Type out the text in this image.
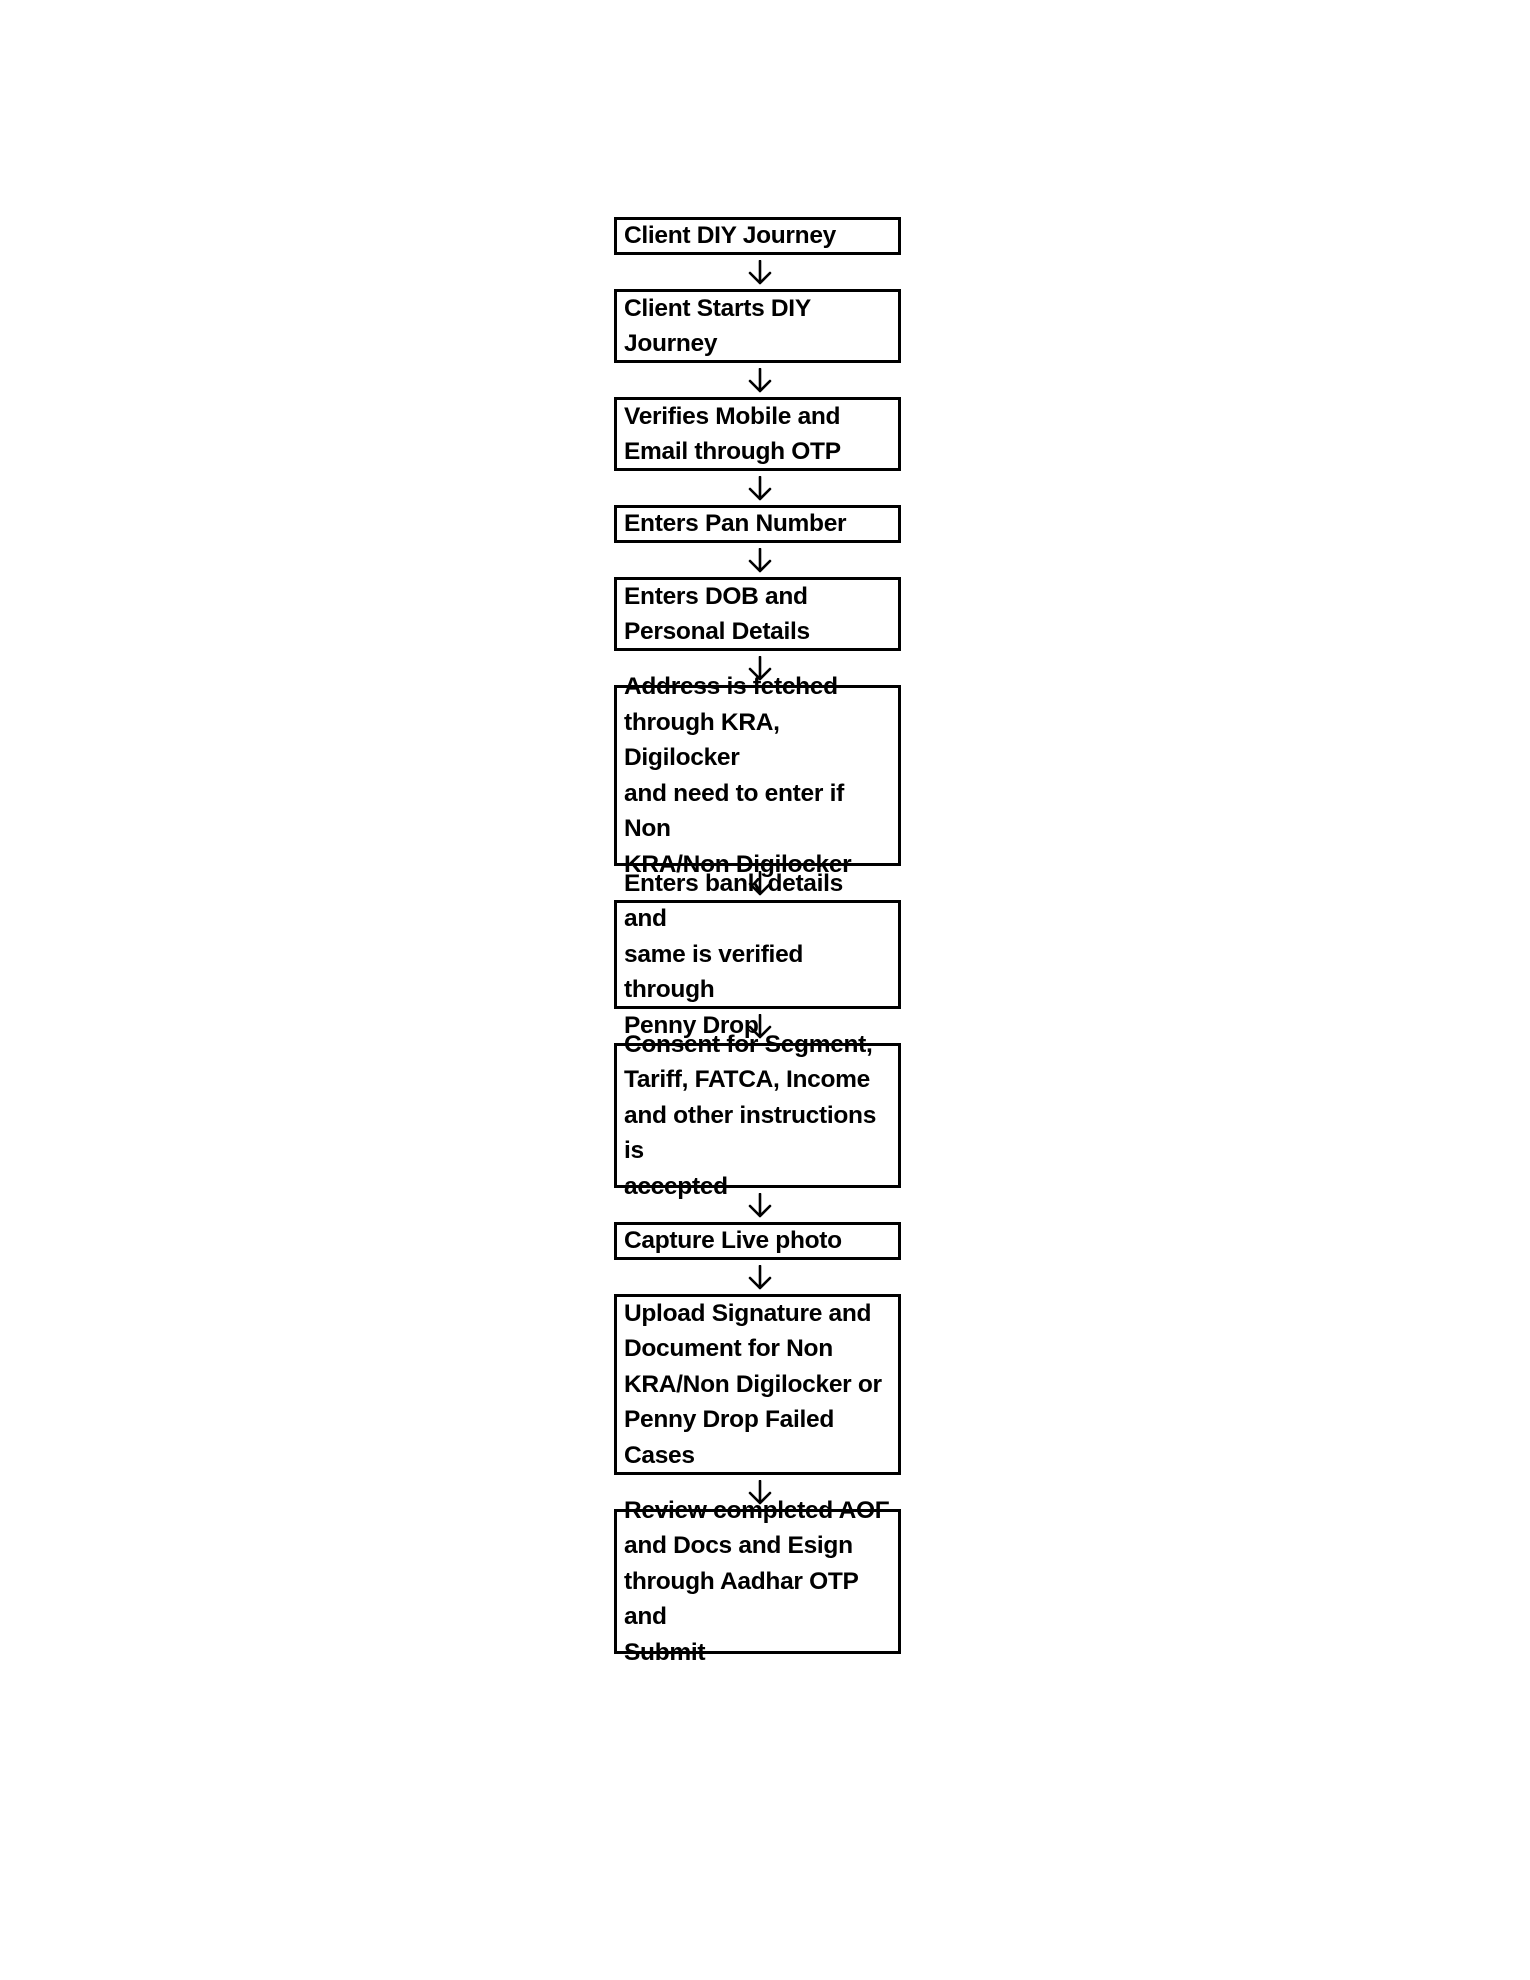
Client DIY Journey
Client Starts DIY Journey
Verifies Mobile and
Email through OTP
Enters Pan Number
Enters DOB and
Personal Details
Address is fetched
through KRA, Digilocker
and need to enter if Non
KRA/Non Digilocker
Enters bank details and
same is verified through
Penny Drop
Consent for Segment,
Tariff, FATCA, Income
and other instructions is
accepted
Capture Live photo
Upload Signature and
Document for Non
KRA/Non Digilocker or
Penny Drop Failed Cases
Review completed AOF
and Docs and Esign
through Aadhar OTP and
Submit
